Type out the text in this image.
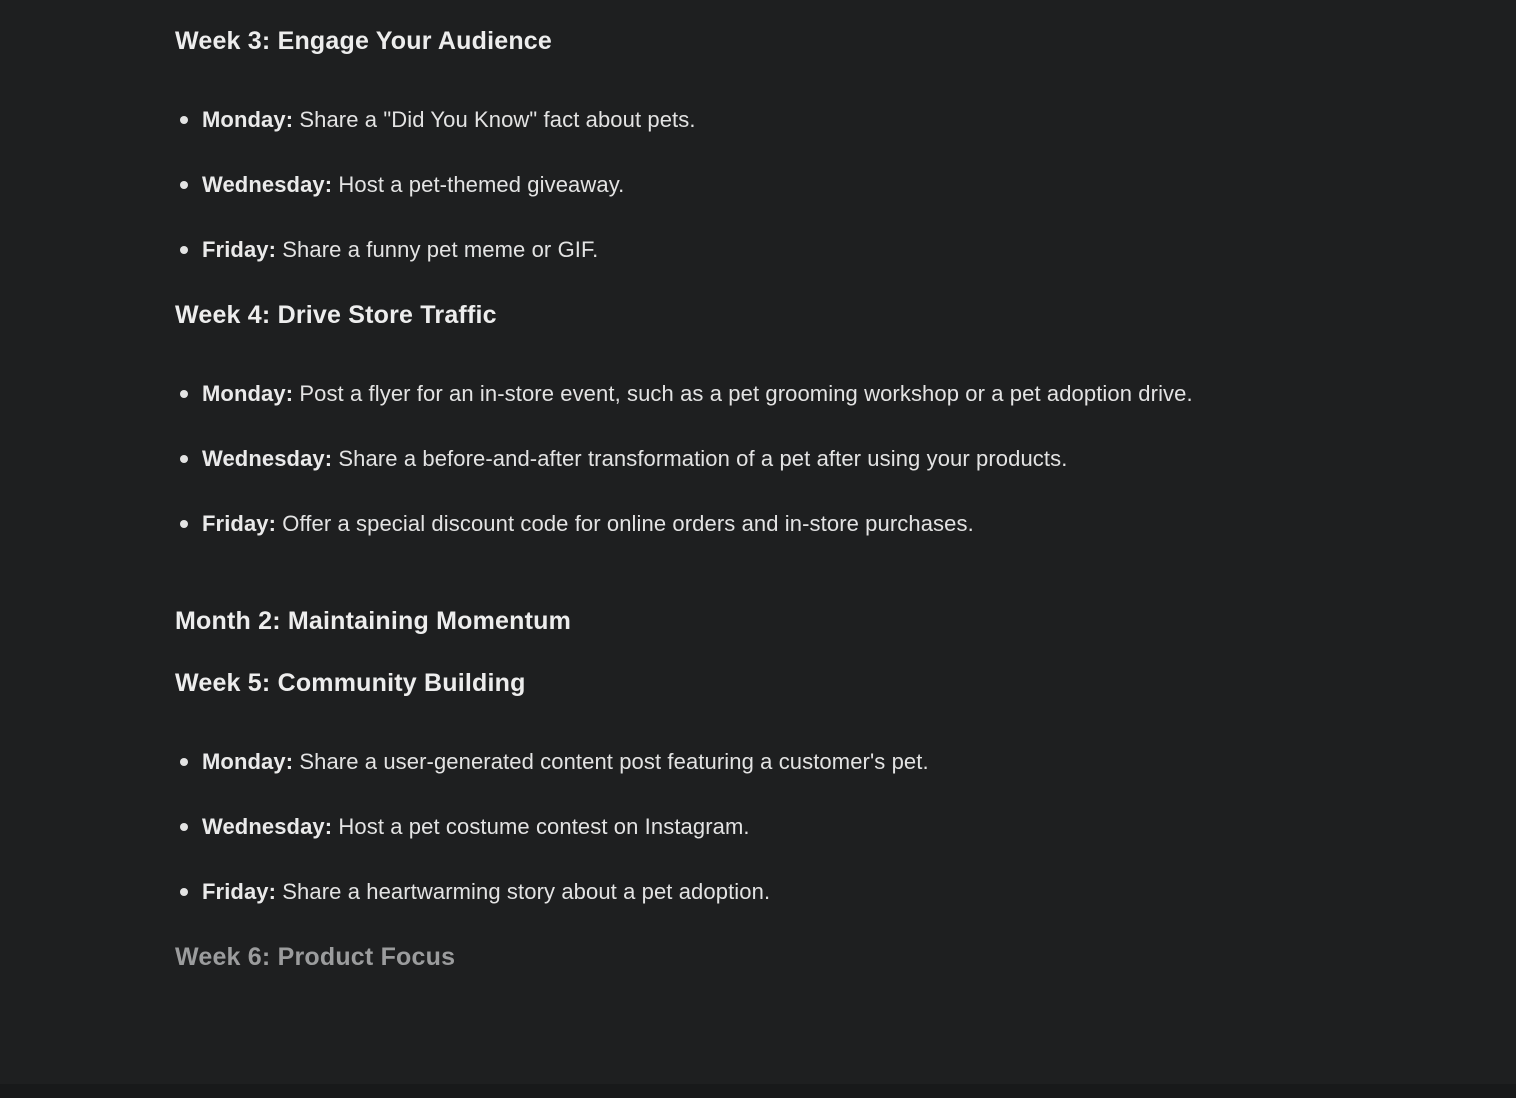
Week 3: Engage Your Audience
Monday: Share a "Did You Know" fact about pets.
Wednesday: Host a pet-themed giveaway.
Friday: Share a funny pet meme or GIF.
Week 4: Drive Store Traffic
Monday: Post a flyer for an in-store event, such as a pet grooming workshop or a pet adoption drive.
Wednesday: Share a before-and-after transformation of a pet after using your products.
Friday: Offer a special discount code for online orders and in-store purchases.
Month 2: Maintaining Momentum
Week 5: Community Building
Monday: Share a user-generated content post featuring a customer's pet.
Wednesday: Host a pet costume contest on Instagram.
Friday: Share a heartwarming story about a pet adoption.
Week 6: Product Focus
